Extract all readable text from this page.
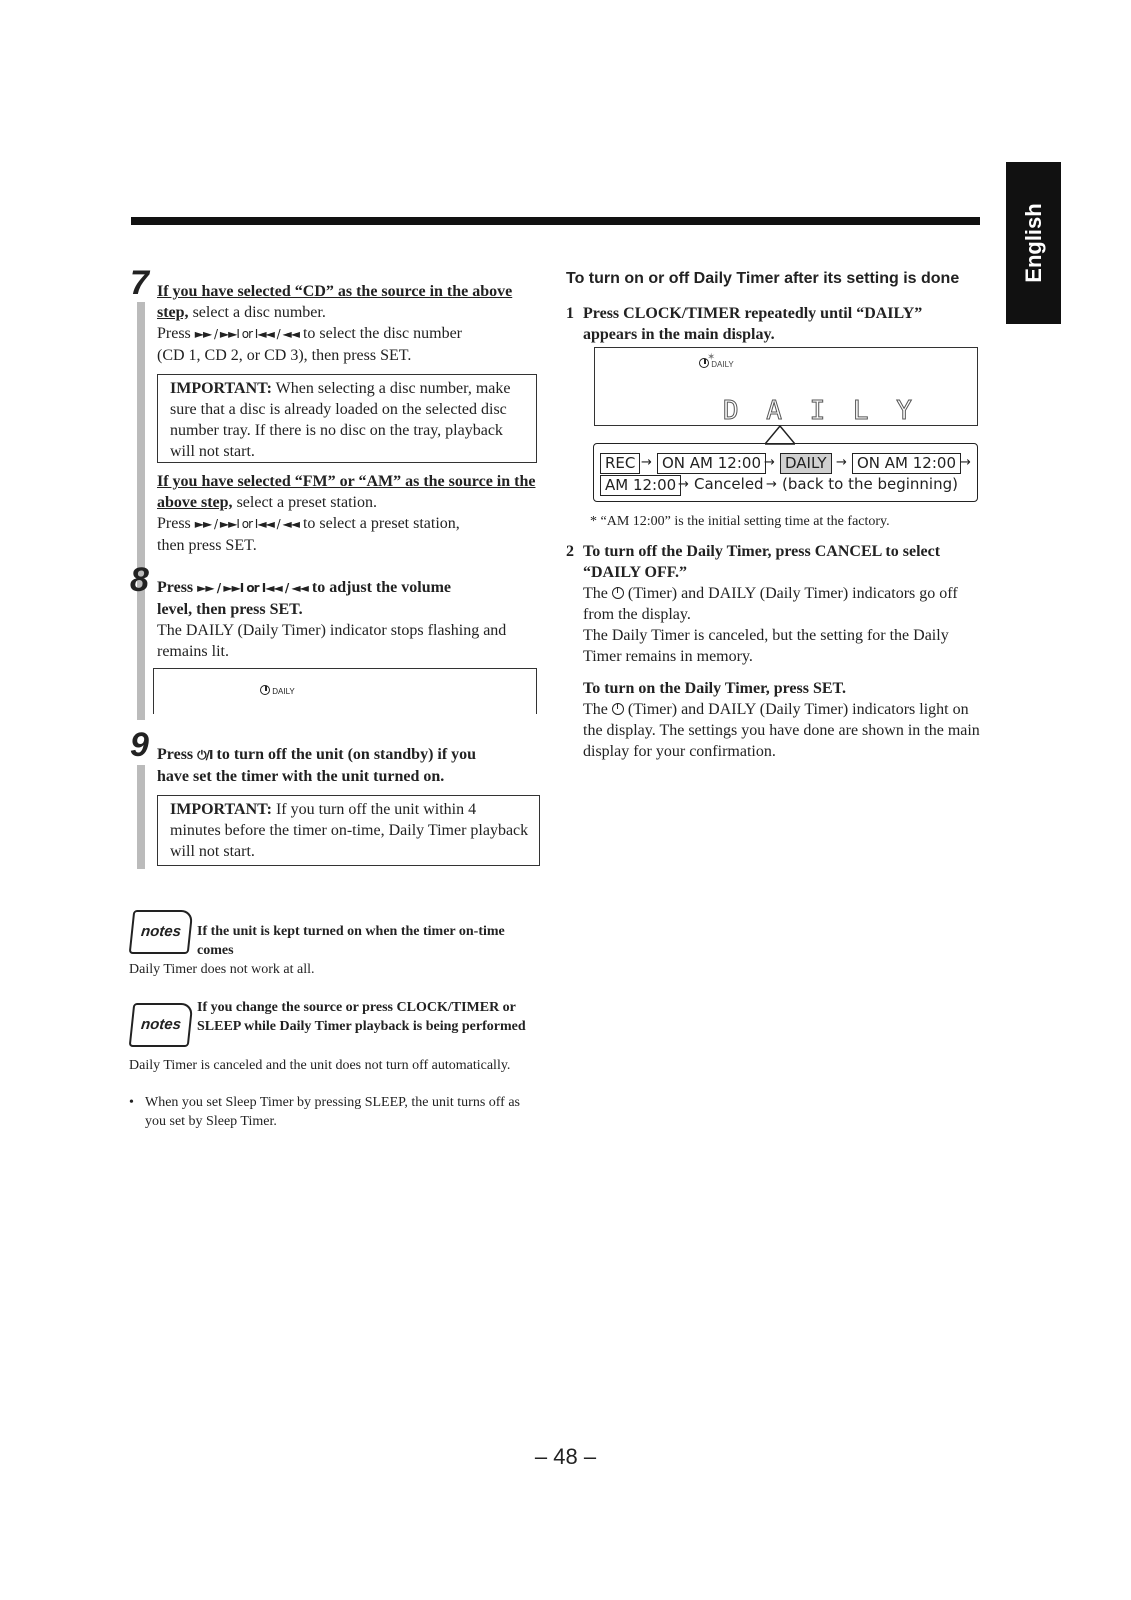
English
7 If you have selected “CD” as the source in the above step, select a disc number.
Press ►► / ►►I or I◄◄ / ◄◄ to select the disc number
(CD 1, CD 2, or CD 3), then press SET.
IMPORTANT: When selecting a disc number, make sure that a disc is already loaded on the selected disc number tray. If there is no disc on the tray, playback will not start.
If you have selected “FM” or “AM” as the source in the above step, select a preset station.
Press ►► / ►►I or I◄◄ / ◄◄ to select a preset station,
then press SET.
8 Press ►► / ►►I or I◄◄ / ◄◄ to adjust the volume
level, then press SET.
The DAILY (Daily Timer) indicator stops flashing and remains lit.
DAILY
9 Press ⏻/I to turn off the unit (on standby) if you
have set the timer with the unit turned on.
IMPORTANT: If you turn off the unit within 4 minutes before the timer on-time, Daily Timer playback will not start.
notes	If the unit is kept turned on when the timer on-time comes
Daily Timer does not work at all.
notes
If you change the source or press CLOCK/TIMER or SLEEP while Daily Timer playback is being performed
Daily Timer is canceled and the unit does not turn off automatically.
• When you set Sleep Timer by pressing SLEEP, the unit turns off as you set by Sleep Timer.
To turn on or off Daily Timer after its setting is done
1 Press CLOCK/TIMER repeatedly until “DAILY” appears in the main display.
DAILY
✶
D A I L Y
REC → ON AM 12:00 → DAILY → ON AM 12:00 →
AM 12:00 → Canceled → (back to the beginning)
* “AM 12:00” is the initial setting time at the factory.
2 To turn off the Daily Timer, press CANCEL to select “DAILY OFF.”
The  (Timer) and DAILY (Daily Timer) indicators go off from the display.
The Daily Timer is canceled, but the setting for the Daily Timer remains in memory.
To turn on the Daily Timer, press SET.
The  (Timer) and DAILY (Daily Timer) indicators light on the display. The settings you have done are shown in the main display for your confirmation.
– 48 –
